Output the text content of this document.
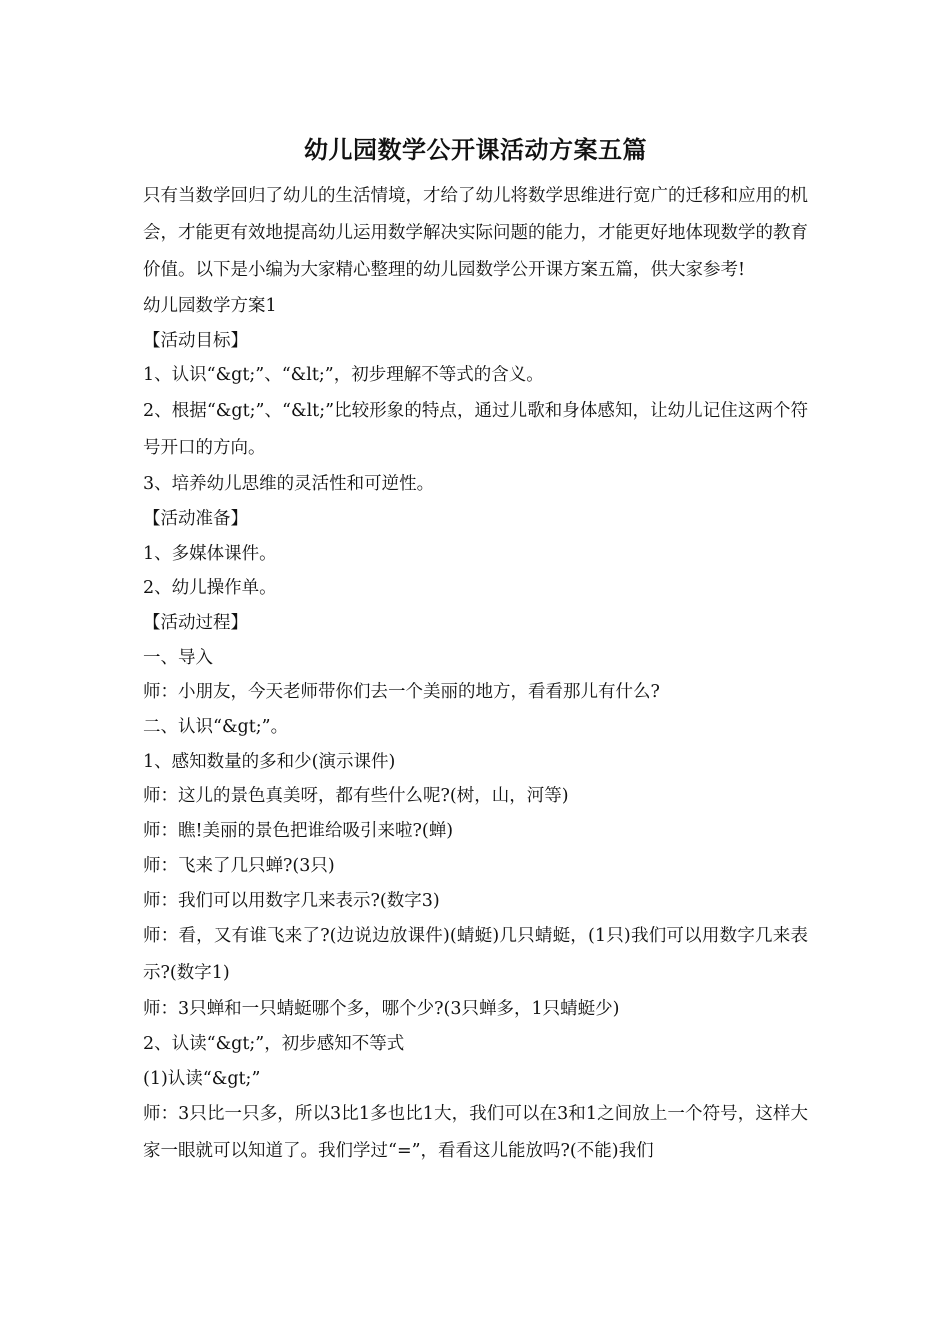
幼儿园数学公开课活动方案五篇

只有当数学回归了幼儿的生活情境，才给了幼儿将数学思维进行宽广的迁移和应用的机会，才能更有效地提高幼儿运用数学解决实际问题的能力，才能更好地体现数学的教育价值。以下是小编为大家精心整理的幼儿园数学公开课方案五篇，供大家参考!

幼儿园数学方案1

【活动目标】

1、认识“&gt;”、“&lt;”，初步理解不等式的含义。

2、根据“&gt;”、“&lt;”比较形象的特点，通过儿歌和身体感知，让幼儿记住这两个符号开口的方向。

3、培养幼儿思维的灵活性和可逆性。

【活动准备】

1、多媒体课件。

2、幼儿操作单。

【活动过程】

一、导入

师：小朋友，今天老师带你们去一个美丽的地方，看看那儿有什么?

二、认识“&gt;”。

1、感知数量的多和少(演示课件)

师：这儿的景色真美呀，都有些什么呢?(树，山，河等)

师：瞧!美丽的景色把谁给吸引来啦?(蝉)

师：飞来了几只蝉?(3只)

师：我们可以用数字几来表示?(数字3)

师：看，又有谁飞来了?(边说边放课件)(蜻蜓)几只蜻蜓，(1只)我们可以用数字几来表示?(数字1)

师：3只蝉和一只蜻蜓哪个多，哪个少?(3只蝉多，1只蜻蜓少)

2、认读“&gt;”，初步感知不等式

(1)认读“&gt;”

师：3只比一只多，所以3比1多也比1大，我们可以在3和1之间放上一个符号，这样大家一眼就可以知道了。我们学过“=”，看看这儿能放吗?(不能)我们
